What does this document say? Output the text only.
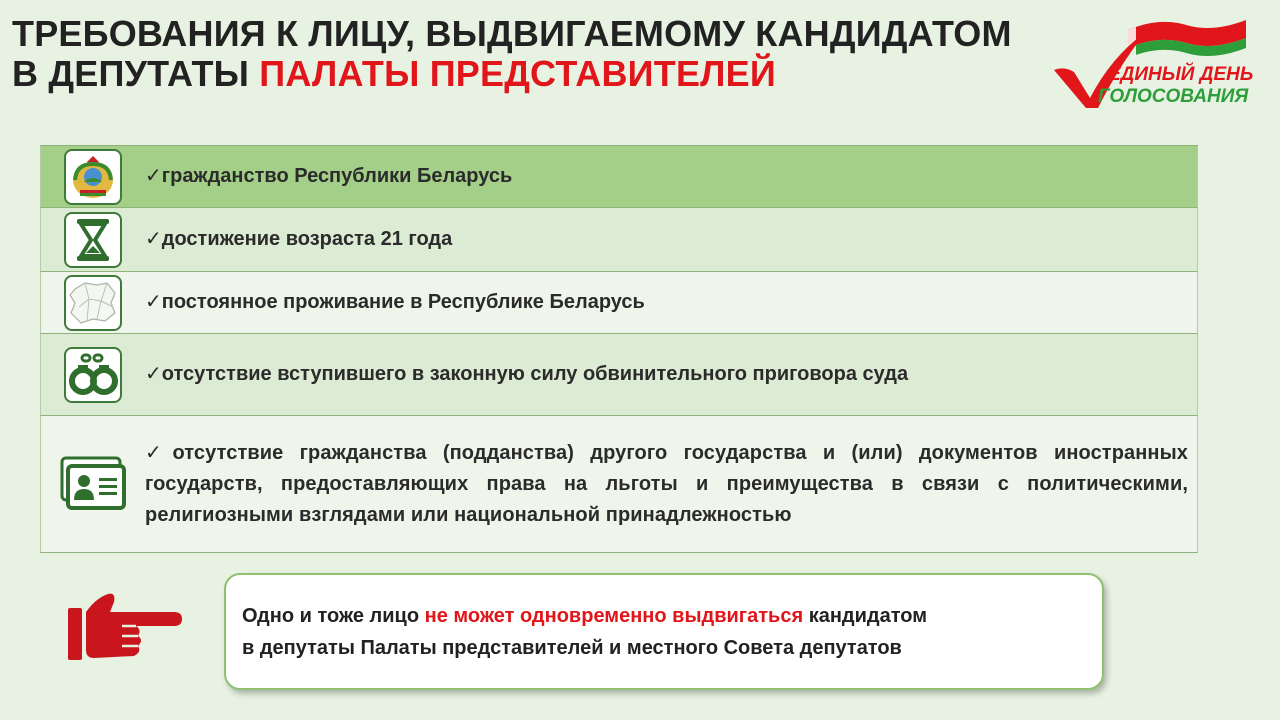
ТРЕБОВАНИЯ К ЛИЦУ, ВЫДВИГАЕМОМУ КАНДИДАТОМ
В ДЕПУТАТЫ ПАЛАТЫ ПРЕДСТАВИТЕЛЕЙ	ЕДИНЫЙ ДЕНЬ
ГОЛОСОВАНИЯ
✓гражданство Республики Беларусь
✓достижение возраста 21 года
✓постоянное проживание в Республике Беларусь
✓отсутствие вступившего в законную силу обвинительного приговора суда
✓отсутствие гражданства (подданства) другого государства и (или) документов иностранных государств, предоставляющих права на льготы и преимущества в связи с политическими, религиозными взглядами или национальной принадлежностью
Одно и тоже лицо не может одновременно выдвигаться кандидатом
в депутаты Палаты представителей и местного Совета депутатов
